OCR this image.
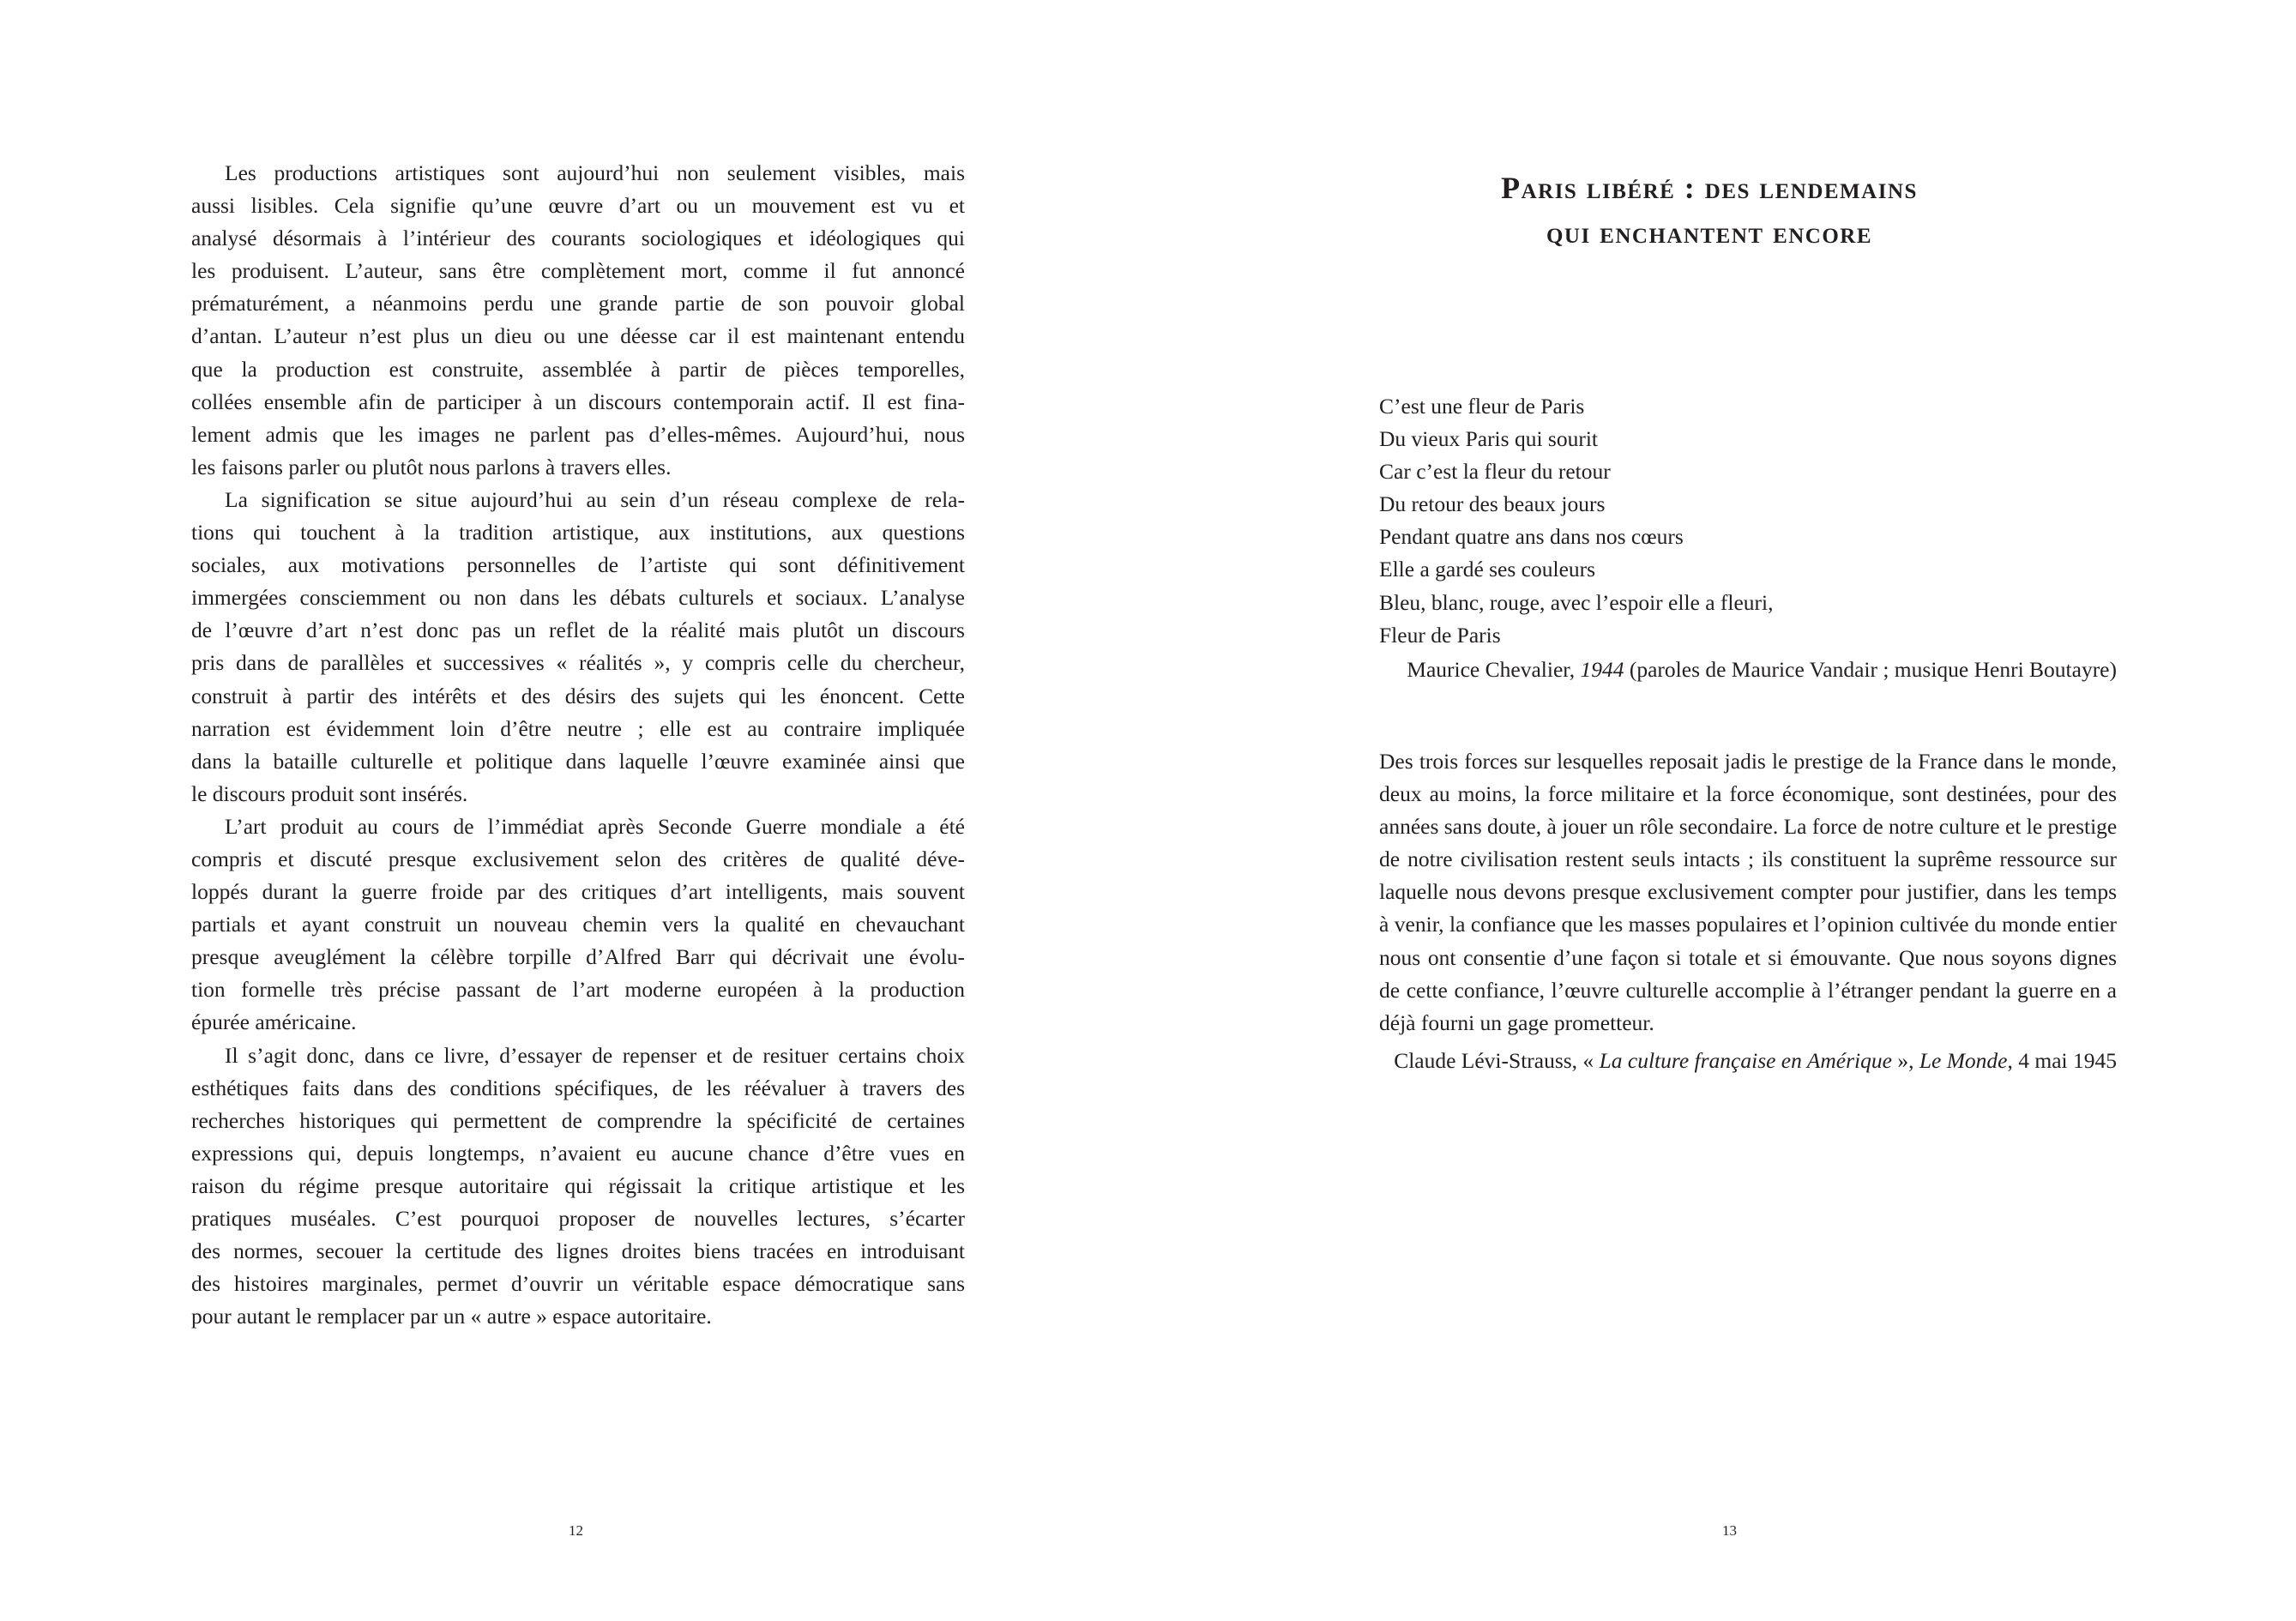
Les productions artistiques sont aujourd’hui non seulement visibles, mais
aussi lisibles. Cela signifie qu’une œuvre d’art ou un mouvement est vu et
analysé désormais à l’intérieur des courants sociologiques et idéologiques qui
les produisent. L’auteur, sans être complètement mort, comme il fut annoncé
prématurément, a néanmoins perdu une grande partie de son pouvoir global
d’antan. L’auteur n’est plus un dieu ou une déesse car il est maintenant entendu
que la production est construite, assemblée à partir de pièces temporelles,
collées ensemble afin de participer à un discours contemporain actif. Il est fina-
lement admis que les images ne parlent pas d’elles-mêmes. Aujourd’hui, nous
les faisons parler ou plutôt nous parlons à travers elles.
La signification se situe aujourd’hui au sein d’un réseau complexe de rela-
tions qui touchent à la tradition artistique, aux institutions, aux questions
sociales, aux motivations personnelles de l’artiste qui sont définitivement
immergées consciemment ou non dans les débats culturels et sociaux. L’analyse
de l’œuvre d’art n’est donc pas un reflet de la réalité mais plutôt un discours
pris dans de parallèles et successives « réalités », y compris celle du chercheur,
construit à partir des intérêts et des désirs des sujets qui les énoncent. Cette
narration est évidemment loin d’être neutre ; elle est au contraire impliquée
dans la bataille culturelle et politique dans laquelle l’œuvre examinée ainsi que
le discours produit sont insérés.
L’art produit au cours de l’immédiat après Seconde Guerre mondiale a été
compris et discuté presque exclusivement selon des critères de qualité déve-
loppés durant la guerre froide par des critiques d’art intelligents, mais souvent
partials et ayant construit un nouveau chemin vers la qualité en chevauchant
presque aveuglément la célèbre torpille d’Alfred Barr qui décrivait une évolu-
tion formelle très précise passant de l’art moderne européen à la production
épurée américaine.
Il s’agit donc, dans ce livre, d’essayer de repenser et de resituer certains choix
esthétiques faits dans des conditions spécifiques, de les réévaluer à travers des
recherches historiques qui permettent de comprendre la spécificité de certaines
expressions qui, depuis longtemps, n’avaient eu aucune chance d’être vues en
raison du régime presque autoritaire qui régissait la critique artistique et les
pratiques muséales. C’est pourquoi proposer de nouvelles lectures, s’écarter
des normes, secouer la certitude des lignes droites biens tracées en introduisant
des histoires marginales, permet d’ouvrir un véritable espace démocratique sans
pour autant le remplacer par un « autre » espace autoritaire.
12
Paris libéré : des lendemains
qui enchantent encore
C’est une fleur de Paris
Du vieux Paris qui sourit
Car c’est la fleur du retour
Du retour des beaux jours
Pendant quatre ans dans nos cœurs
Elle a gardé ses couleurs
Bleu, blanc, rouge, avec l’espoir elle a fleuri,
Fleur de Paris
Maurice Chevalier, 1944 (paroles de Maurice Vandair ; musique Henri Boutayre)
Des trois forces sur lesquelles reposait jadis le prestige de la France dans le monde,
deux au moins, la force militaire et la force économique, sont destinées, pour des
années sans doute, à jouer un rôle secondaire. La force de notre culture et le prestige
de notre civilisation restent seuls intacts ; ils constituent la suprême ressource sur
laquelle nous devons presque exclusivement compter pour justifier, dans les temps
à venir, la confiance que les masses populaires et l’opinion cultivée du monde entier
nous ont consentie d’une façon si totale et si émouvante. Que nous soyons dignes
de cette confiance, l’œuvre culturelle accomplie à l’étranger pendant la guerre en a
déjà fourni un gage prometteur.
Claude Lévi-Strauss, « La culture française en Amérique », Le Monde, 4 mai 1945
13
